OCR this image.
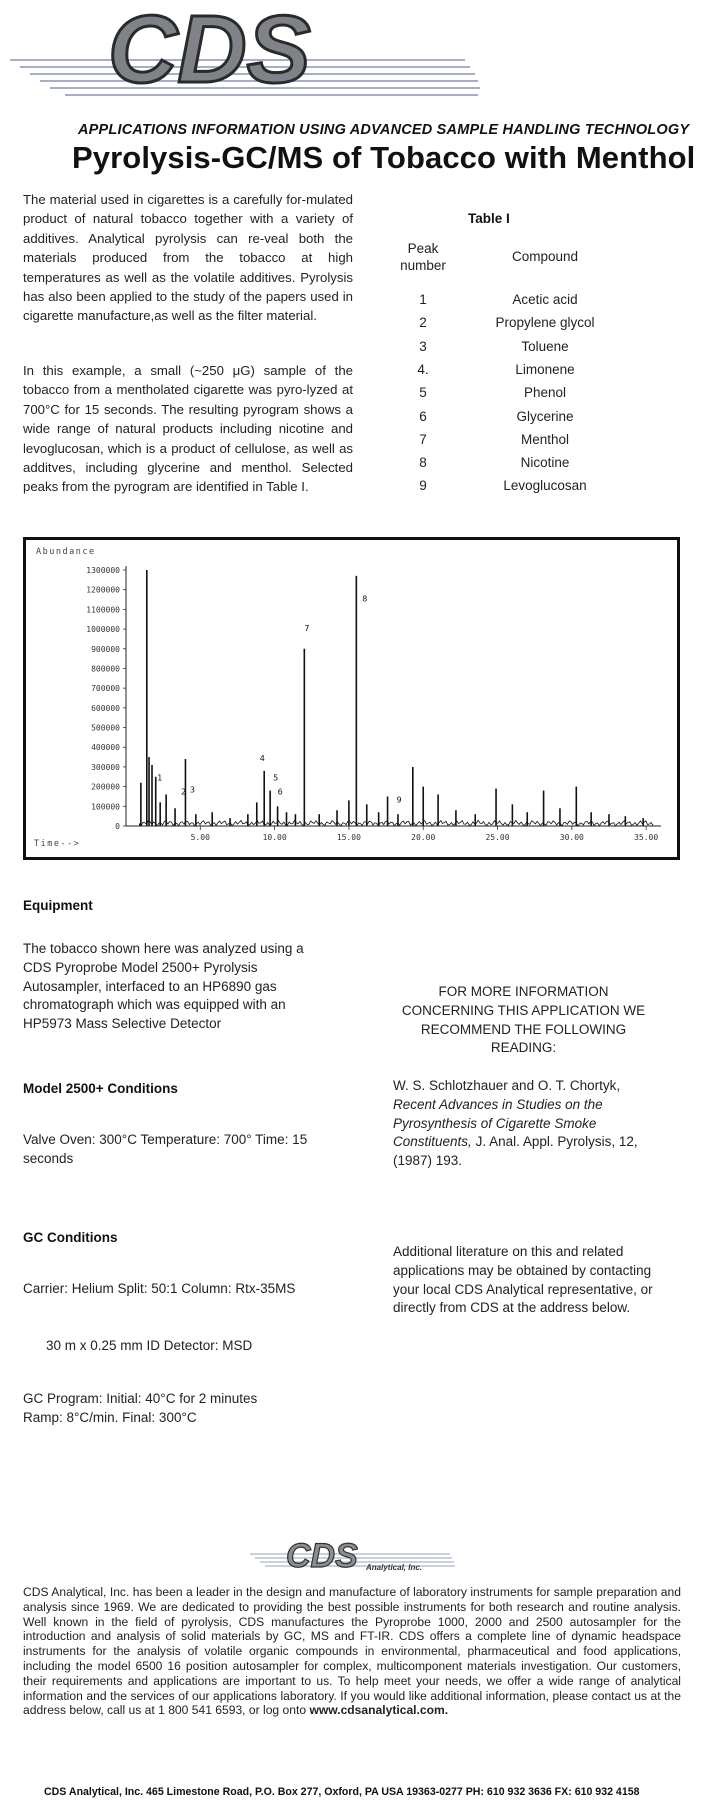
CDS
APPLICATIONS INFORMATION USING ADVANCED SAMPLE HANDLING TECHNOLOGY
Pyrolysis-GC/MS of Tobacco with Menthol
The material used in cigarettes is a carefully for-mulated product of natural tobacco together with a variety of additives. Analytical pyrolysis can re-veal both the materials produced from the tobacco at high temperatures as well as the volatile additives. Pyrolysis has also been applied to the study of the papers used in cigarette manufacture,as well as the filter material.
In this example, a small (~250 μG) sample of the tobacco from a mentholated cigarette was pyro-lyzed at 700°C for 15 seconds. The resulting pyrogram shows a wide range of natural products including nicotine and levoglucosan, which is a product of cellulose, as well as additves, including glycerine and menthol. Selected peaks from the pyrogram are identified in Table I.
Table I
Peak number
Compound
1	Acetic acid
2	Propylene glycol
3	Toluene
4.	Limonene
5	Phenol
6	Glycerine
7	Menthol
8	Nicotine
9	Levoglucosan
1300000
1200000
1100000
1000000
900000
800000
700000
600000
500000
400000
300000
200000
100000
0
5.00	10.00	15.00	20.00	25.00	30.00	35.00
1
2 3
4
5
6
7
8
9
Abundance
Time-->
Equipment
The tobacco shown here was analyzed using a CDS Pyroprobe Model 2500+ Pyrolysis Autosampler, interfaced to an HP6890 gas chromatograph which was equipped with an HP5973 Mass Selective Detector
Model 2500+ Conditions
Valve Oven: 300°C Temperature: 700° Time: 15 seconds
GC Conditions
Carrier: Helium Split: 50:1 Column: Rtx-35MS
30 m x 0.25 mm ID Detector: MSD
GC Program: Initial: 40°C for 2 minutes Ramp: 8°C/min. Final: 300°C
FOR MORE INFORMATION CONCERNING THIS APPLICATION WE RECOMMEND THE FOLLOWING READING:
W. S. Schlotzhauer and O. T. Chortyk, Recent Advances in Studies on the Pyrosynthesis of Cigarette Smoke Constituents, J. Anal. Appl. Pyrolysis, 12, (1987) 193.
Additional literature on this and related applications may be obtained by contacting your local CDS Analytical representative, or directly from CDS at the address below.
CDS Analytical, Inc.
CDS Analytical, Inc. has been a leader in the design and manufacture of laboratory instruments for sample preparation and analysis since 1969. We are dedicated to providing the best possible instruments for both research and routine analysis. Well known in the field of pyrolysis, CDS manufactures the Pyroprobe 1000, 2000 and 2500 autosampler for the introduction and analysis of solid materials by GC, MS and FT-IR. CDS offers a complete line of dynamic headspace instruments for the analysis of volatile organic compounds in environmental, pharmaceutical and food applications, including the model 6500 16 position autosampler for complex, multicomponent materials investigation. Our customers, their requirements and applications are important to us. To help meet your needs, we offer a wide range of analytical information and the services of our applications laboratory. If you would like additional information, please contact us at the address below, call us at 1 800 541 6593, or log onto www.cdsanalytical.com.
CDS Analytical, Inc. 465 Limestone Road, P.O. Box 277, Oxford, PA USA 19363-0277 PH: 610 932 3636 FX: 610 932 4158
